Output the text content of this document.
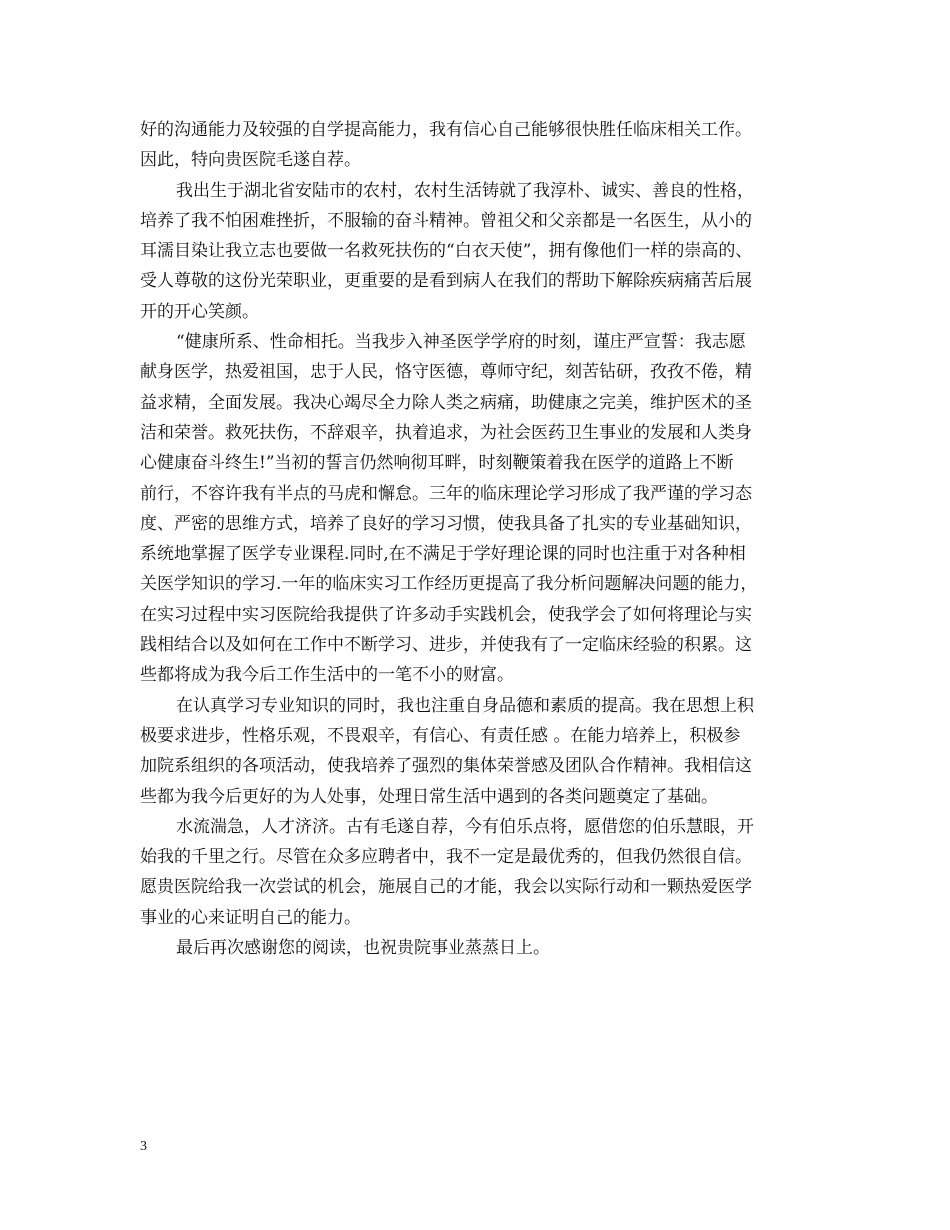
好的沟通能力及较强的自学提高能力，我有信心自己能够很快胜任临床相关工作。
因此，特向贵医院毛遂自荐。
我出生于湖北省安陆市的农村，农村生活铸就了我淳朴、诚实、善良的性格，
培养了我不怕困难挫折，不服输的奋斗精神。曾祖父和父亲都是一名医生，从小的
耳濡目染让我立志也要做一名救死扶伤的“白衣天使”，拥有像他们一样的崇高的、
受人尊敬的这份光荣职业，更重要的是看到病人在我们的帮助下解除疾病痛苦后展
开的开心笑颜。
“健康所系、性命相托。当我步入神圣医学学府的时刻，谨庄严宣誓：我志愿
献身医学，热爱祖国，忠于人民，恪守医德，尊师守纪，刻苦钻研，孜孜不倦，精
益求精，全面发展。我决心竭尽全力除人类之病痛，助健康之完美，维护医术的圣
洁和荣誉。救死扶伤，不辞艰辛，执着追求，为社会医药卫生事业的发展和人类身
心健康奋斗终生!”当初的誓言仍然响彻耳畔，时刻鞭策着我在医学的道路上不断
前行，不容许我有半点的马虎和懈怠。三年的临床理论学习形成了我严谨的学习态
度、严密的思维方式，培养了良好的学习习惯，使我具备了扎实的专业基础知识，
系统地掌握了医学专业课程.同时,在不满足于学好理论课的同时也注重于对各种相
关医学知识的学习.一年的临床实习工作经历更提高了我分析问题解决问题的能力，
在实习过程中实习医院给我提供了许多动手实践机会，使我学会了如何将理论与实
践相结合以及如何在工作中不断学习、进步，并使我有了一定临床经验的积累。这
些都将成为我今后工作生活中的一笔不小的财富。
在认真学习专业知识的同时，我也注重自身品德和素质的提高。我在思想上积
极要求进步，性格乐观，不畏艰辛，有信心、有责任感 。在能力培养上，积极参
加院系组织的各项活动，使我培养了强烈的集体荣誉感及团队合作精神。我相信这
些都为我今后更好的为人处事，处理日常生活中遇到的各类问题奠定了基础。
水流湍急，人才济济。古有毛遂自荐，今有伯乐点将，愿借您的伯乐慧眼，开
始我的千里之行。尽管在众多应聘者中，我不一定是最优秀的，但我仍然很自信。
愿贵医院给我一次尝试的机会，施展自己的才能，我会以实际行动和一颗热爱医学
事业的心来证明自己的能力。
最后再次感谢您的阅读，也祝贵院事业蒸蒸日上。
3
